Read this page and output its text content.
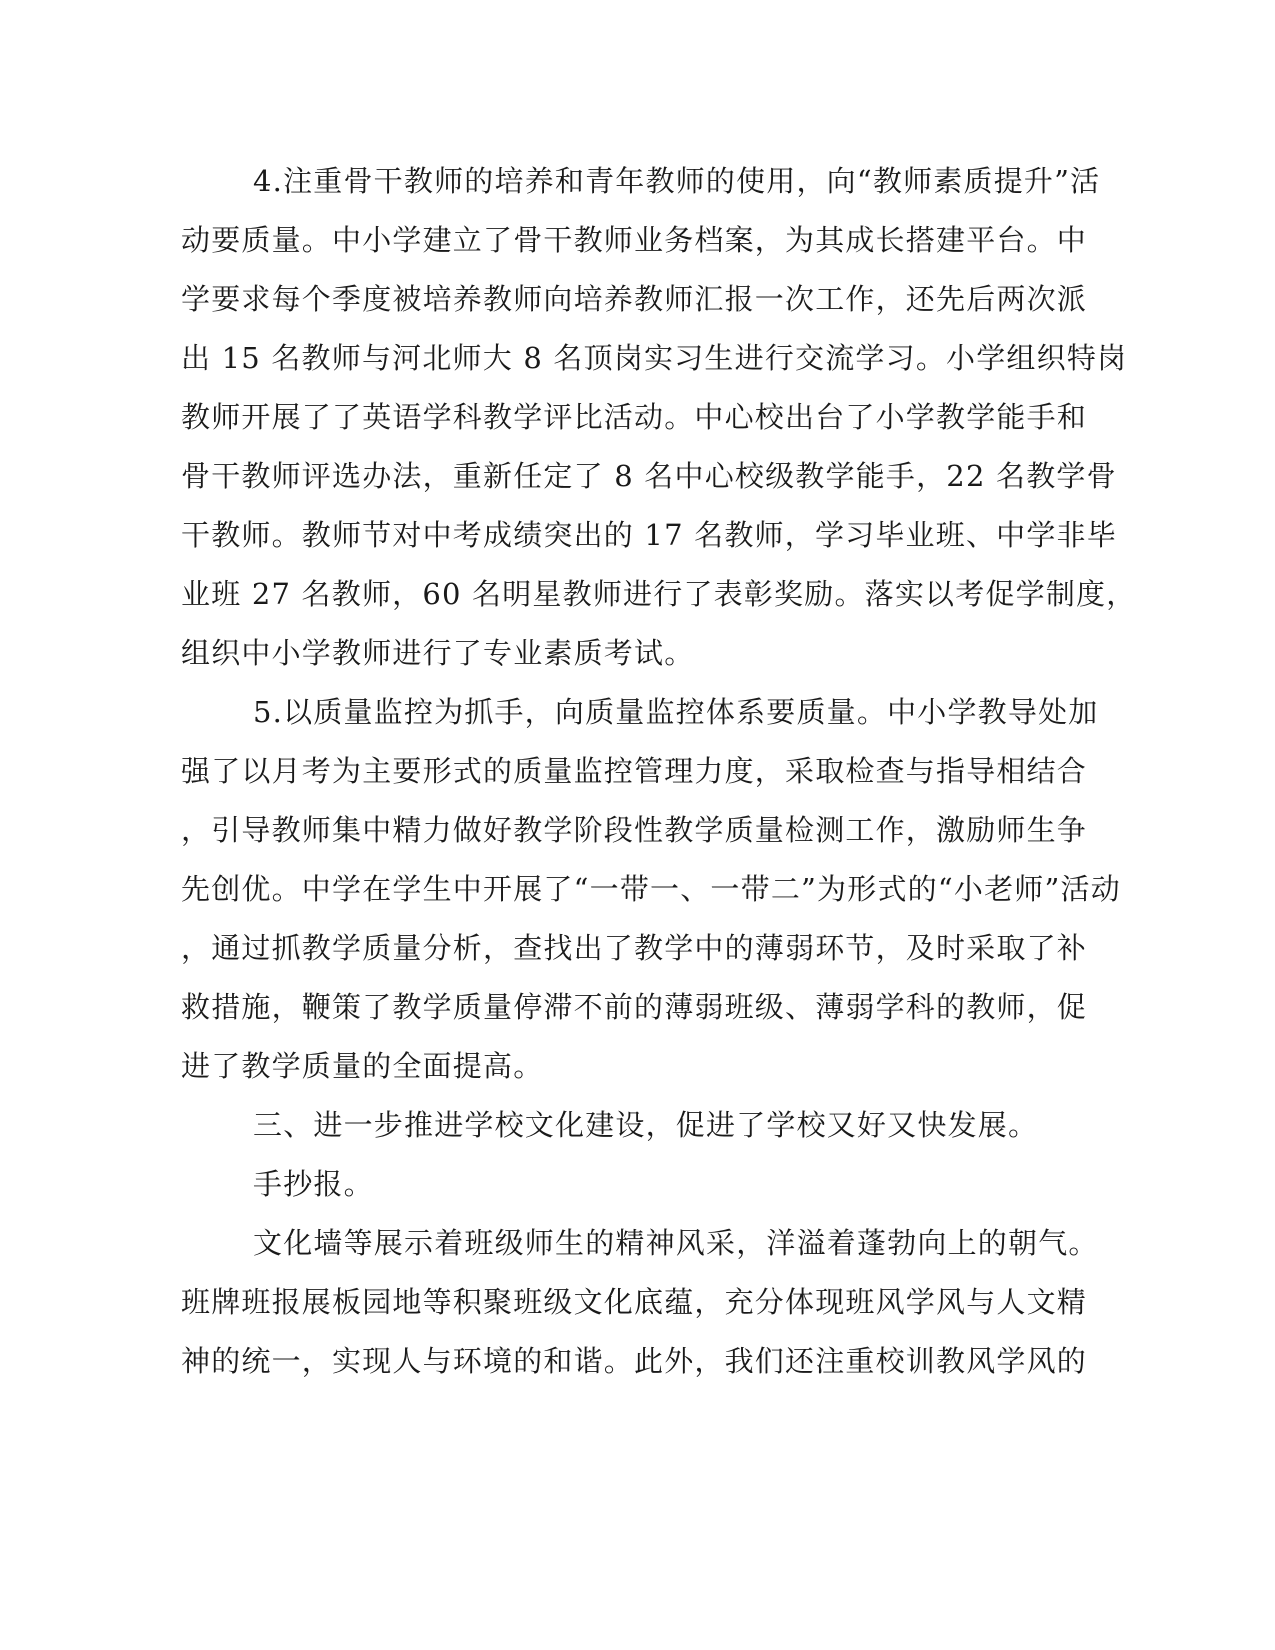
4.注重骨干教师的培养和青年教师的使用，向“教师素质提升”活
动要质量。中小学建立了骨干教师业务档案，为其成长搭建平台。中
学要求每个季度被培养教师向培养教师汇报一次工作，还先后两次派
出 15 名教师与河北师大 8 名顶岗实习生进行交流学习。小学组织特岗
教师开展了了英语学科教学评比活动。中心校出台了小学教学能手和
骨干教师评选办法，重新任定了 8 名中心校级教学能手，22 名教学骨
干教师。教师节对中考成绩突出的 17 名教师，学习毕业班、中学非毕
业班 27 名教师，60 名明星教师进行了表彰奖励。落实以考促学制度，
组织中小学教师进行了专业素质考试。
5.以质量监控为抓手，向质量监控体系要质量。中小学教导处加
强了以月考为主要形式的质量监控管理力度，采取检查与指导相结合
，引导教师集中精力做好教学阶段性教学质量检测工作，激励师生争
先创优。中学在学生中开展了“一带一、一带二”为形式的“小老师”活动
，通过抓教学质量分析，查找出了教学中的薄弱环节，及时采取了补
救措施，鞭策了教学质量停滞不前的薄弱班级、薄弱学科的教师，促
进了教学质量的全面提高。
三、进一步推进学校文化建设，促进了学校又好又快发展。
手抄报。
文化墙等展示着班级师生的精神风采，洋溢着蓬勃向上的朝气。
班牌班报展板园地等积聚班级文化底蕴，充分体现班风学风与人文精
神的统一，实现人与环境的和谐。此外，我们还注重校训教风学风的
